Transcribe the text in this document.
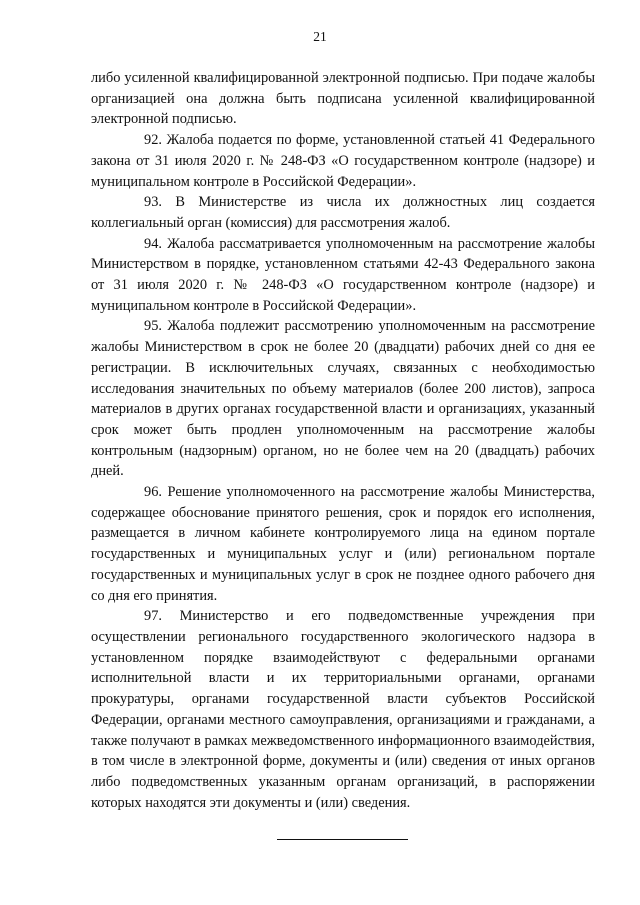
21

либо усиленной квалифицированной электронной подписью. При подаче жалобы организацией она должна быть подписана усиленной квалифицированной электронной подписью.

92. Жалоба подается по форме, установленной статьей 41 Федерального закона от 31 июля 2020 г. № 248-ФЗ «О государственном контроле (надзоре) и муниципальном контроле в Российской Федерации».

93. В Министерстве из числа их должностных лиц создается коллегиальный орган (комиссия) для рассмотрения жалоб.

94. Жалоба рассматривается уполномоченным на рассмотрение жалобы Министерством в порядке, установленном статьями 42-43 Федерального закона от 31 июля 2020 г. № 248-ФЗ «О государственном контроле (надзоре) и муниципальном контроле в Российской Федерации».

95. Жалоба подлежит рассмотрению уполномоченным на рассмотрение жалобы Министерством в срок не более 20 (двадцати) рабочих дней со дня ее регистрации. В исключительных случаях, связанных с необходимостью исследования значительных по объему материалов (более 200 листов), запроса материалов в других органах государственной власти и организациях, указанный срок может быть продлен уполномоченным на рассмотрение жалобы контрольным (надзорным) органом, но не более чем на 20 (двадцать) рабочих дней.

96. Решение уполномоченного на рассмотрение жалобы Министерства, содержащее обоснование принятого решения, срок и порядок его исполнения, размещается в личном кабинете контролируемого лица на едином портале государственных и муниципальных услуг и (или) региональном портале государственных и муниципальных услуг в срок не позднее одного рабочего дня со дня его принятия.

97. Министерство и его подведомственные учреждения при осуществлении регионального государственного экологического надзора в установленном порядке взаимодействуют с федеральными органами исполнительной власти и их территориальными органами, органами прокуратуры, органами государственной власти субъектов Российской Федерации, органами местного самоуправления, организациями и гражданами, а также получают в рамках межведомственного информационного взаимодействия, в том числе в электронной форме, документы и (или) сведения от иных органов либо подведомственных указанным органам организаций, в распоряжении которых находятся эти документы и (или) сведения.
